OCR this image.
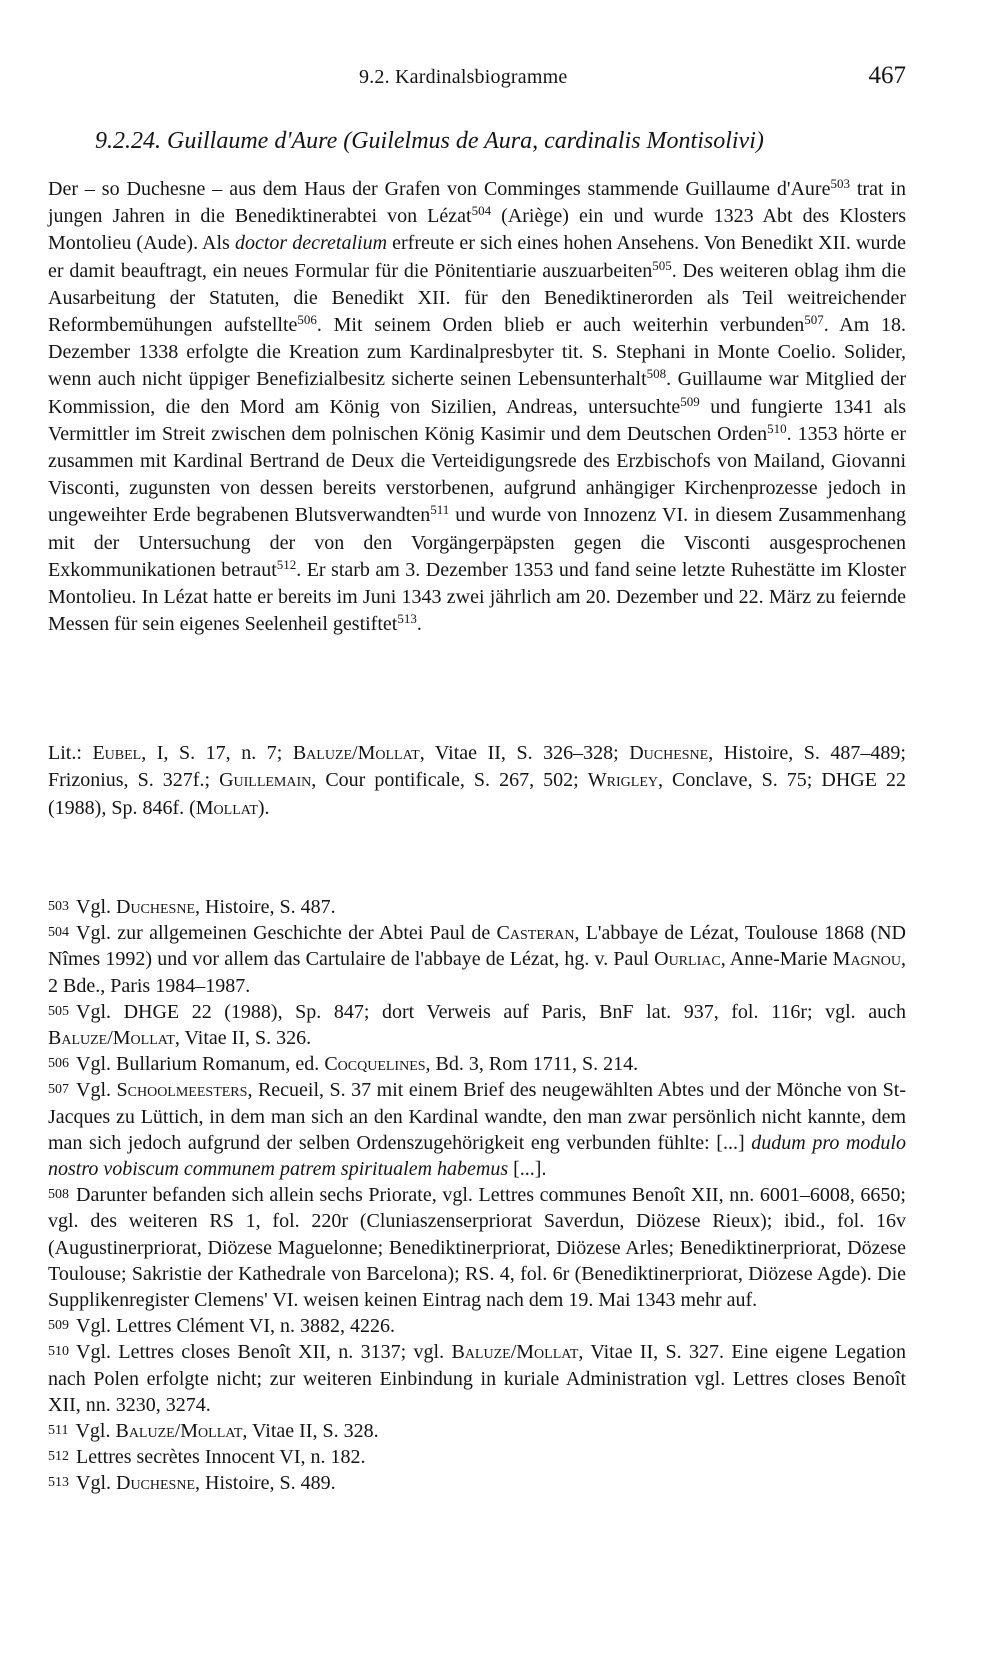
9.2. Kardinalsbiogramme	467
9.2.24. Guillaume d'Aure (Guilelmus de Aura, cardinalis Montisolivi)

Der – so Duchesne – aus dem Haus der Grafen von Comminges stammende Guillaume d'Aure$^{503}$ trat in jungen Jahren in die Benediktinerabtei von Lézat$^{504}$ (Ariège) ein und wurde 1323 Abt des Klosters Montolieu (Aude). Als doctor decretalium erfreute er sich eines hohen Ansehens. Von Benedikt XII. wurde er damit beauftragt, ein neues Formular für die Pönitentiarie auszuarbeiten$^{505}$. Des weiteren oblag ihm die Ausarbeitung der Statuten, die Benedikt XII. für den Benediktinerorden als Teil weitreichender Reformbemühungen aufstellte$^{506}$. Mit seinem Orden blieb er auch weiterhin verbunden$^{507}$. Am 18. Dezember 1338 erfolgte die Kreation zum Kardinalpresbyter tit. S. Stephani in Monte Coelio. Solider, wenn auch nicht üppiger Benefizialbesitz sicherte seinen Lebensunterhalt$^{508}$. Guillaume war Mitglied der Kommission, die den Mord am König von Sizilien, Andreas, untersuchte$^{509}$ und fungierte 1341 als Vermittler im Streit zwischen dem polnischen König Kasimir und dem Deutschen Orden$^{510}$. 1353 hörte er zusammen mit Kardinal Bertrand de Deux die Verteidigungsrede des Erzbischofs von Mailand, Giovanni Visconti, zugunsten von dessen bereits verstorbenen, aufgrund anhängiger Kirchenprozesse jedoch in ungeweihter Erde begrabenen Blutsverwandten$^{511}$ und wurde von Innozenz VI. in diesem Zusammenhang mit der Untersuchung der von den Vorgängerpäpsten gegen die Visconti ausgesprochenen Exkommunikationen betraut$^{512}$. Er starb am 3. Dezember 1353 und fand seine letzte Ruhestätte im Kloster Montolieu. In Lézat hatte er bereits im Juni 1343 zwei jährlich am 20. Dezember und 22. März zu feiernde Messen für sein eigenes Seelenheil gestiftet$^{513}$.

Lit.: Eubel, I, S. 17, n. 7; Baluze/Mollat, Vitae II, S. 326–328; Duchesne, Histoire, S. 487–489; Frizonius, S. 327f.; Guillemain, Cour pontificale, S. 267, 502; Wrigley, Conclave, S. 75; DHGE 22 (1988), Sp. 846f. (Mollat).

503 Vgl. Duchesne, Histoire, S. 487.
504 Vgl. zur allgemeinen Geschichte der Abtei Paul de Casteran, L'abbaye de Lézat, Toulouse 1868 (ND Nîmes 1992) und vor allem das Cartulaire de l'abbaye de Lézat, hg. v. Paul Ourliac, Anne-Marie Magnou, 2 Bde., Paris 1984–1987.
505 Vgl. DHGE 22 (1988), Sp. 847; dort Verweis auf Paris, BnF lat. 937, fol. 116r; vgl. auch Baluze/Mollat, Vitae II, S. 326.
506 Vgl. Bullarium Romanum, ed. Cocquelines, Bd. 3, Rom 1711, S. 214.
507 Vgl. Schoolmeesters, Recueil, S. 37 mit einem Brief des neugewählten Abtes und der Mönche von St-Jacques zu Lüttich, in dem man sich an den Kardinal wandte, den man zwar persönlich nicht kannte, dem man sich jedoch aufgrund der selben Ordenszugehörigkeit eng verbunden fühlte: [...] dudum pro modulo nostro vobiscum communem patrem spiritualem habemus [...].
508 Darunter befanden sich allein sechs Priorate, vgl. Lettres communes Benoît XII, nn. 6001–6008, 6650; vgl. des weiteren RS 1, fol. 220r (Cluniaszenserpriorat Saverdun, Diözese Rieux); ibid., fol. 16v (Augustinerpriorat, Diözese Maguelonne; Benediktinerpriorat, Diözese Arles; Benediktinerpriorat, Dözese Toulouse; Sakristie der Kathedrale von Barcelona); RS. 4, fol. 6r (Benediktinerpriorat, Diözese Agde). Die Supplikenregister Clemens' VI. weisen keinen Eintrag nach dem 19. Mai 1343 mehr auf.
509 Vgl. Lettres Clément VI, n. 3882, 4226.
510 Vgl. Lettres closes Benoît XII, n. 3137; vgl. Baluze/Mollat, Vitae II, S. 327. Eine eigene Legation nach Polen erfolgte nicht; zur weiteren Einbindung in kuriale Administration vgl. Lettres closes Benoît XII, nn. 3230, 3274.
511 Vgl. Baluze/Mollat, Vitae II, S. 328.
512 Lettres secrètes Innocent VI, n. 182.
513 Vgl. Duchesne, Histoire, S. 489.
